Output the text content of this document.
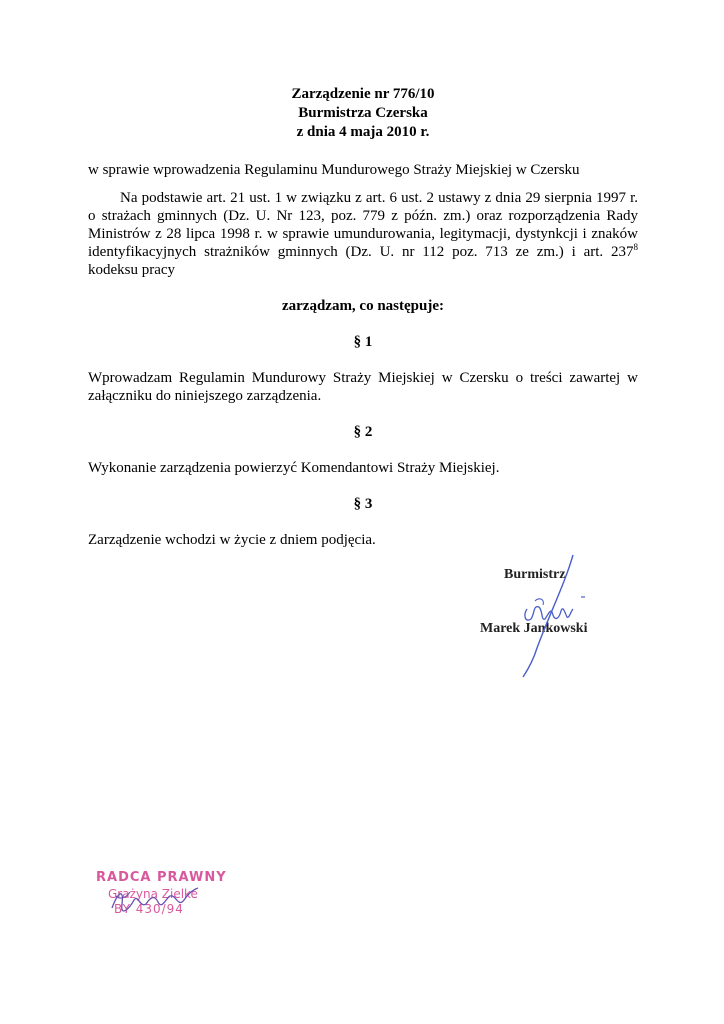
Zarządzenie nr 776/10
Burmistrza Czerska
z dnia 4 maja 2010 r.
w sprawie wprowadzenia Regulaminu Mundurowego Straży Miejskiej w Czersku
Na podstawie art. 21 ust. 1 w związku z art. 6 ust. 2 ustawy z dnia 29 sierpnia 1997 r. o strażach gminnych (Dz. U. Nr 123, poz. 779 z późn. zm.) oraz rozporządzenia Rady Ministrów z 28 lipca 1998 r. w sprawie umundurowania, legitymacji, dystynkcji i znaków identyfikacyjnych strażników gminnych (Dz. U. nr 112 poz. 713 ze zm.) i art. $237^8$ kodeksu pracy
zarządzam, co następuje:
§ 1
Wprowadzam Regulamin Mundurowy Straży Miejskiej w Czersku o treści zawartej w załączniku do niniejszego zarządzenia.
§ 2
Wykonanie zarządzenia powierzyć Komendantowi Straży Miejskiej.
§ 3
Zarządzenie wchodzi w życie z dniem podjęcia.
Burmistrz
Marek Jankowski
RADCA PRAWNY
Grażyna Zielke
BY 430/94
